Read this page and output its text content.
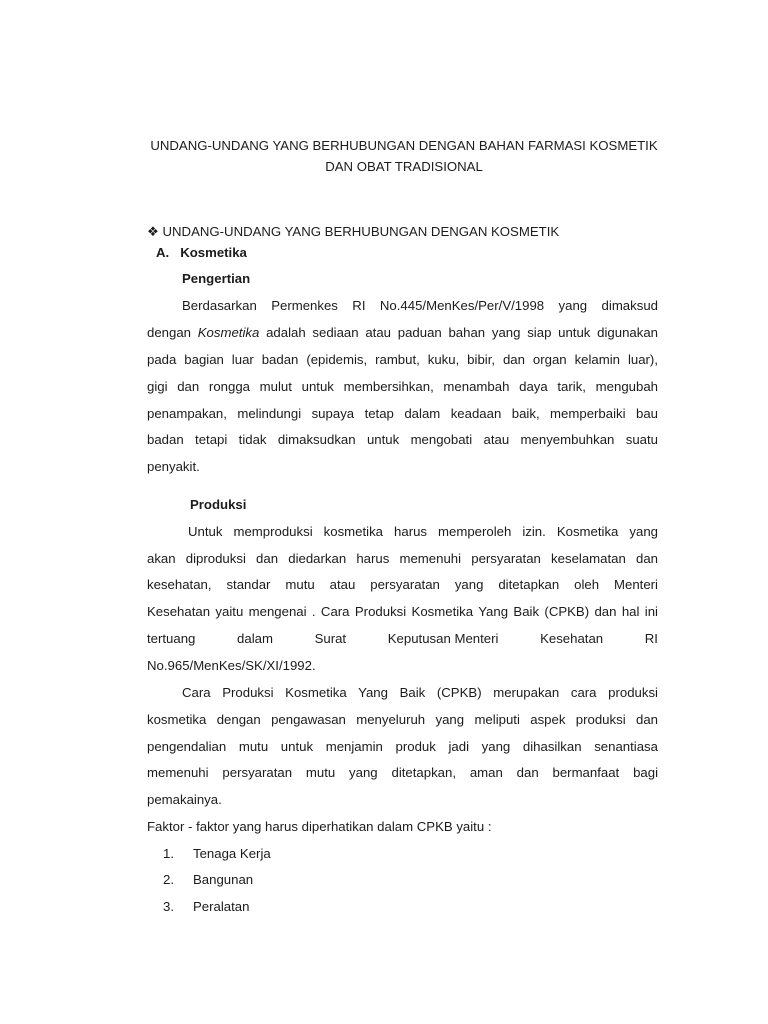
UNDANG-UNDANG YANG BERHUBUNGAN DENGAN BAHAN FARMASI KOSMETIK
DAN OBAT TRADISIONAL
❖ UNDANG-UNDANG YANG BERHUBUNGAN DENGAN KOSMETIK
A. Kosmetika
Pengertian
Berdasarkan Permenkes RI No.445/MenKes/Per/V/1998 yang dimaksud
dengan Kosmetika adalah sediaan atau paduan bahan yang siap untuk digunakan
pada bagian luar badan (epidemis, rambut, kuku, bibir, dan organ kelamin luar),
gigi dan rongga mulut untuk membersihkan, menambah daya tarik, mengubah
penampakan, melindungi supaya tetap dalam keadaan baik, memperbaiki bau
badan tetapi tidak dimaksudkan untuk mengobati atau menyembuhkan suatu
penyakit.
Produksi
Untuk memproduksi kosmetika harus memperoleh izin. Kosmetika yang
akan diproduksi dan diedarkan harus memenuhi persyaratan keselamatan dan
kesehatan, standar mutu atau persyaratan yang ditetapkan oleh Menteri
Kesehatan yaitu mengenai . Cara Produksi Kosmetika Yang Baik (CPKB) dan hal ini
tertuang	dalam	Surat	Keputusan Menteri	Kesehatan	RI
No.965/MenKes/SK/XI/1992.
Cara Produksi Kosmetika Yang Baik (CPKB) merupakan cara produksi
kosmetika dengan pengawasan menyeluruh yang meliputi aspek produksi dan
pengendalian mutu untuk menjamin produk jadi yang dihasilkan senantiasa
memenuhi persyaratan mutu yang ditetapkan, aman dan bermanfaat bagi
pemakainya.
Faktor - faktor yang harus diperhatikan dalam CPKB yaitu :
1. Tenaga Kerja
2. Bangunan
3. Peralatan
